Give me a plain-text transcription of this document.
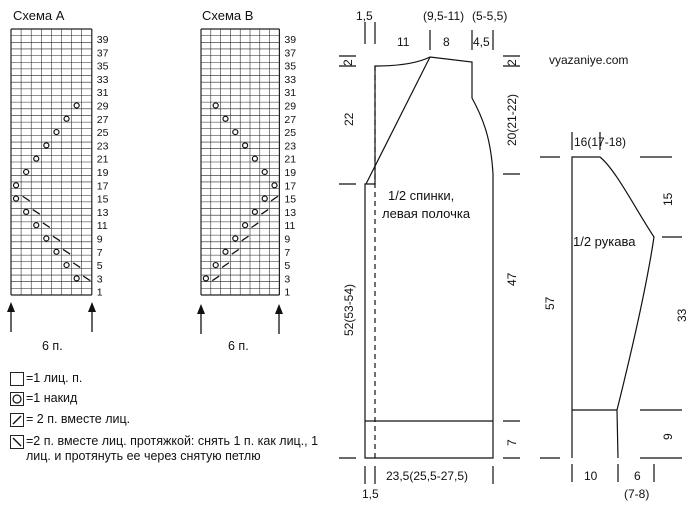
Схема А
1
3
5
7
9
11
13
15
17
19
21
23
25
27
29
31
33
35
37
39
6 п.
Схема В
1
3
5
7
9
11
13
15
17
19
21
23
25
27
29
31
33
35
37
39
6 п.
1,5	(9,5-11) (5-5,5)
11	8 4,5
2
22
52(53-54)
2
20(21-22)
47
7
23,5(25,5-27,5)
1,5
1/2 спинки, левая полочка
16(17-18)
1/2 рукава
57
15
33
9
10	6
(7-8)
vyazaniye.com
=1 лиц. п.
=1 накид
= 2 п. вместе лиц.
=2 п. вместе лиц. протяжкой: снять 1 п. как лиц., 1 лиц. и протянуть ее через снятую петлю
